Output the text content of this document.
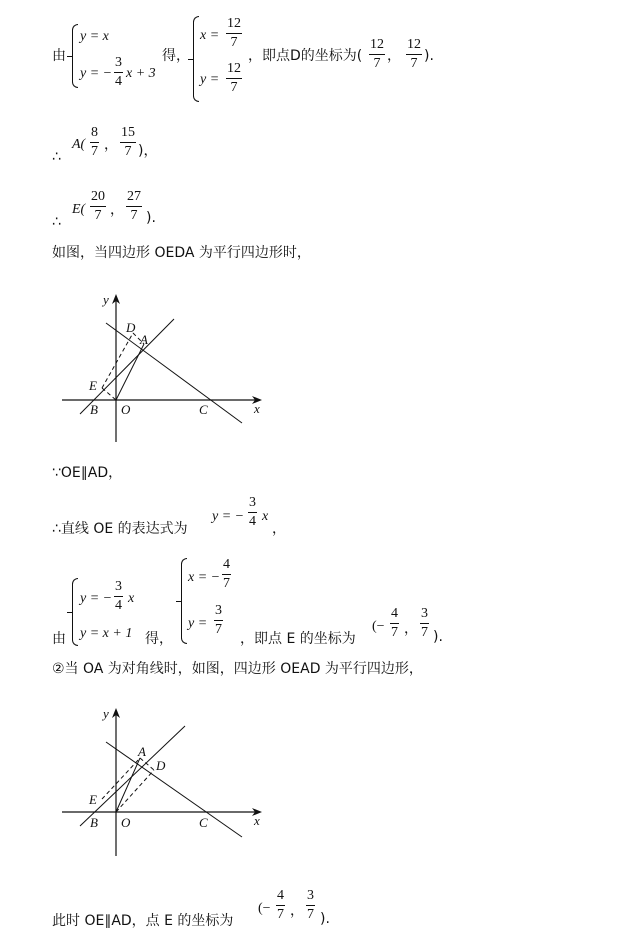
由
y = x
y = −
3
4
x + 3
得，
x =
12
7
y =
12
7
，即点D的坐标为(
12
7 ，
12
7 ).
∴
A(
8
7 ，
15
7 )，
∴
E(
20
7 ，
27
7 ).
如图，当四边形 OEDA 为平行四边形时，
y
x
D
A
E
B O	C
∵OE∥AD，
∴直线 OE 的表达式为
y = −
3
4 x
，
由
y = −
3
4 x
y = x + 1 得，
x = −
4
7
y =
3
7
，即点 E 的坐标为
(−
4
7 ，
3
7 ).
②当 OA 为对角线时，如图，四边形 OEAD 为平行四边形，
y
x
A
D
E
B O	C
此时 OE∥AD，点 E 的坐标为
(−
4
7 ，
3
7 ).
